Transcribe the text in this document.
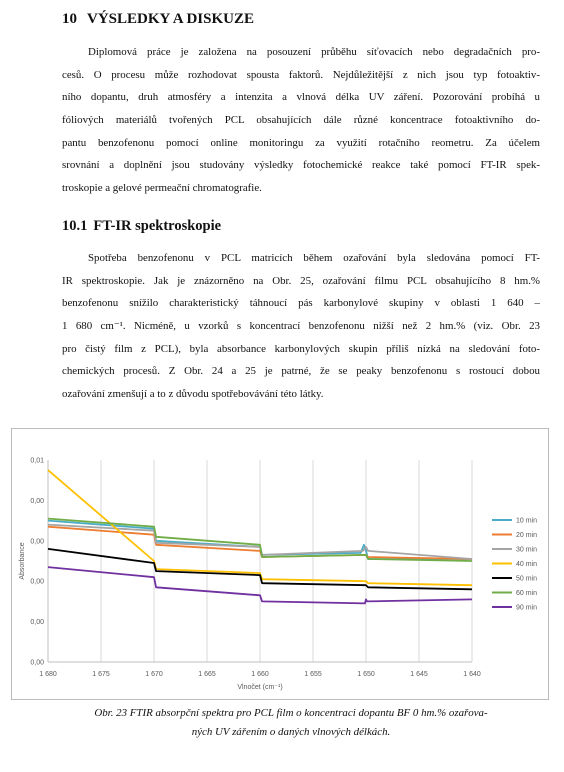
10 VÝSLEDKY A DISKUZE
Diplomová práce je založena na posouzení průběhu síťovacích nebo degradačních pro-
cesů. O procesu může rozhodovat spousta faktorů. Nejdůležitější z nich jsou typ fotoaktiv-
ního dopantu, druh atmosféry a intenzita a vlnová délka UV záření. Pozorování probíhá u
fóliových materiálů tvořených PCL obsahujících dále různé koncentrace fotoaktivního do-
pantu benzofenonu pomocí online monitoringu za využití rotačního reometru. Za účelem
srovnání a doplnění jsou studovány výsledky fotochemické reakce také pomocí FT-IR spek-
troskopie a gelové permeační chromatografie.
10.1 FT-IR spektroskopie
Spotřeba benzofenonu v PCL matricích během ozařování byla sledována pomocí FT-
IR spektroskopie. Jak je znázorněno na Obr. 25, ozařování filmu PCL obsahujícího 8 hm.%
benzofenonu snížilo charakteristický táhnoucí pás karbonylové skupiny v oblasti 1 640 –
1 680 cm⁻¹. Nicméně, u vzorků s koncentrací benzofenonu nižší než 2 hm.% (viz. Obr. 23
pro čistý film z PCL), byla absorbance karbonylových skupin příliš nízká na sledování foto-
chemických procesů. Z Obr. 24 a 25 je patrné, že se peaky benzofenonu s rostoucí dobou
ozařování zmenšují a to z důvodu spotřebovávání této látky.
1 680	1 675	1 670	1 665	1 660	1 655	1 650	1 645	1 640
0,00
0,00
0,00
0,00
0,00
0,01
Vlnočet (cm⁻¹)
Absorbance
10 min
20 min
30 min
40 min
50 min
60 min
90 min
Obr. 23 FTIR absorpční spektra pro PCL film o koncentraci dopantu BF 0 hm.% ozařova-
ných UV zářením o daných vlnových délkách.
